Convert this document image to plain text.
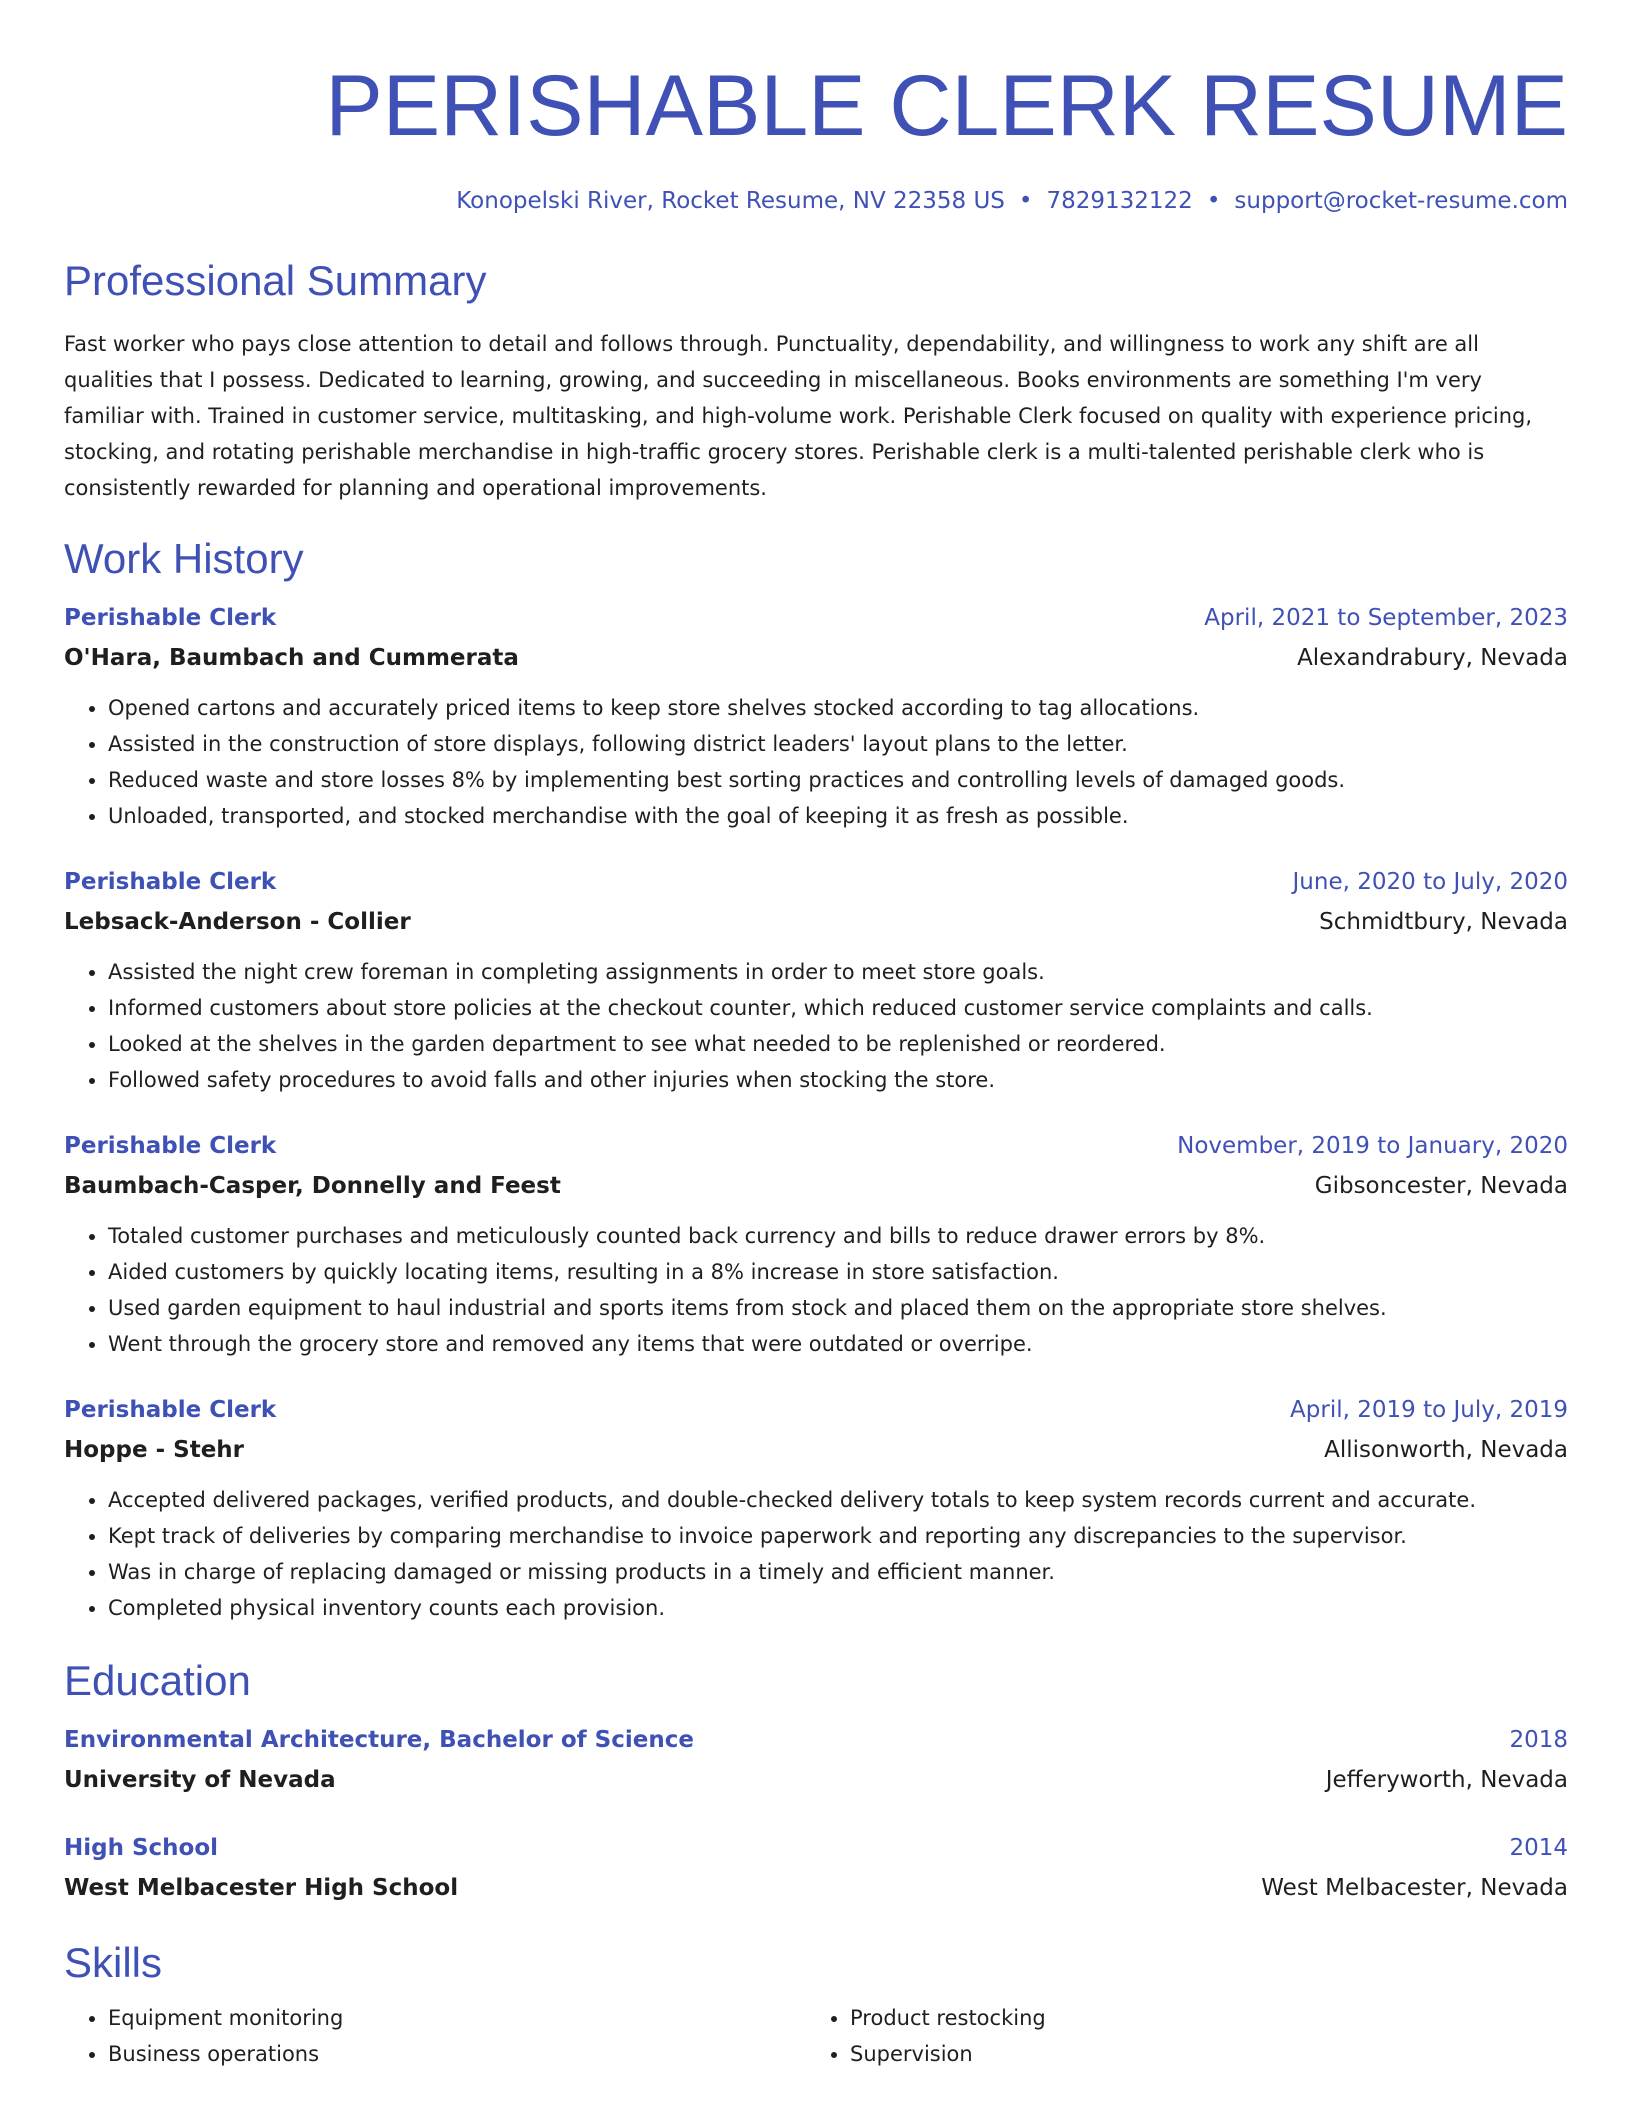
PERISHABLE CLERK RESUME
Konopelski River, Rocket Resume, NV 22358 US • 7829132122 • support@rocket-resume.com
Professional Summary

Fast worker who pays close attention to detail and follows through. Punctuality, dependability, and willingness to work any shift are all qualities that I possess. Dedicated to learning, growing, and succeeding in miscellaneous. Books environments are something I'm very familiar with. Trained in customer service, multitasking, and high-volume work. Perishable Clerk focused on quality with experience pricing, stocking, and rotating perishable merchandise in high-traffic grocery stores. Perishable clerk is a multi-talented perishable clerk who is consistently rewarded for planning and operational improvements.

Work History
Perishable Clerk	April, 2021 to September, 2023
O'Hara, Baumbach and Cummerata	Alexandrabury, Nevada
• Opened cartons and accurately priced items to keep store shelves stocked according to tag allocations.
• Assisted in the construction of store displays, following district leaders' layout plans to the letter.
• Reduced waste and store losses 8% by implementing best sorting practices and controlling levels of damaged goods.
• Unloaded, transported, and stocked merchandise with the goal of keeping it as fresh as possible.
Perishable Clerk	June, 2020 to July, 2020
Lebsack-Anderson - Collier	Schmidtbury, Nevada
• Assisted the night crew foreman in completing assignments in order to meet store goals.
• Informed customers about store policies at the checkout counter, which reduced customer service complaints and calls.
• Looked at the shelves in the garden department to see what needed to be replenished or reordered.
• Followed safety procedures to avoid falls and other injuries when stocking the store.
Perishable Clerk	November, 2019 to January, 2020
Baumbach-Casper, Donnelly and Feest	Gibsoncester, Nevada
• Totaled customer purchases and meticulously counted back currency and bills to reduce drawer errors by 8%.
• Aided customers by quickly locating items, resulting in a 8% increase in store satisfaction.
• Used garden equipment to haul industrial and sports items from stock and placed them on the appropriate store shelves.
• Went through the grocery store and removed any items that were outdated or overripe.
Perishable Clerk	April, 2019 to July, 2019
Hoppe - Stehr	Allisonworth, Nevada
• Accepted delivered packages, verified products, and double-checked delivery totals to keep system records current and accurate.
• Kept track of deliveries by comparing merchandise to invoice paperwork and reporting any discrepancies to the supervisor.
• Was in charge of replacing damaged or missing products in a timely and efficient manner.
• Completed physical inventory counts each provision.
Education
Environmental Architecture, Bachelor of Science	2018
University of Nevada	Jefferyworth, Nevada
High School	2014
West Melbacester High School	West Melbacester, Nevada
Skills
• Equipment monitoring
• Business operations
• Product restocking
• Supervision
